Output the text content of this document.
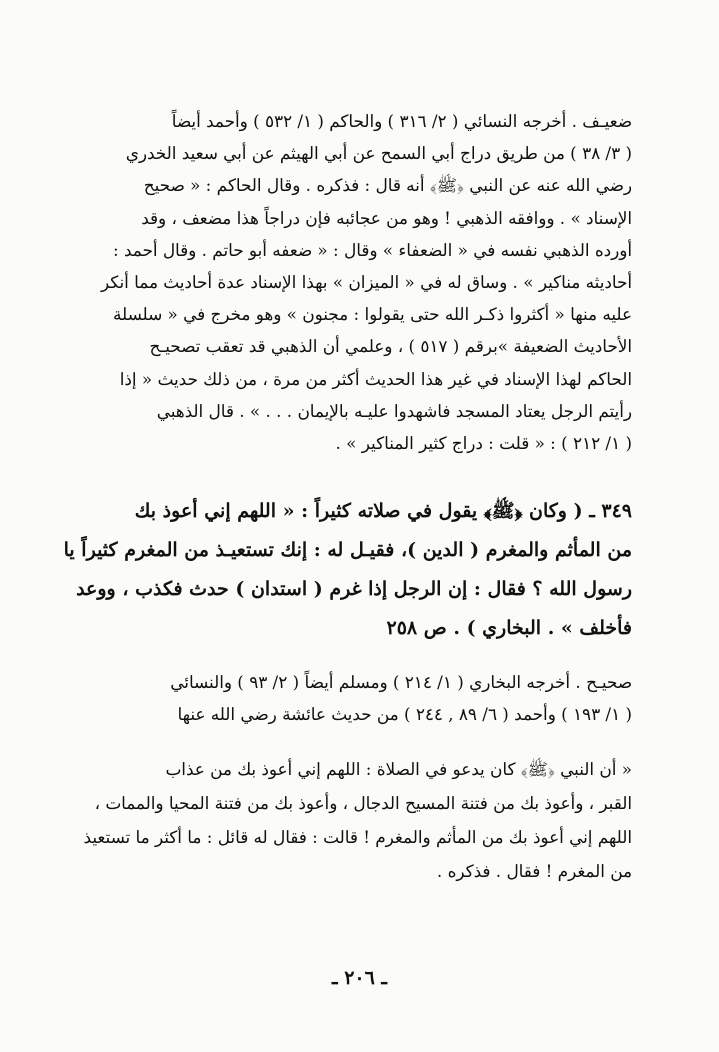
ضعيـف . أخرجه النسائي ( ٢/ ٣١٦ ) والحاكم ( ١/ ٥٣٢ ) وأحمد أيضاً
( ٣/ ٣٨ ) من طريق دراج أبي السمح عن أبي الهيثم عن أبي سعيد الخدري
رضي الله عنه عن النبي ﴿ﷺ﴾ أنه قال : فذكره . وقال الحاكم : « صحيح
الإسناد » . ووافقه الذهبي ! وهو من عجائبه فإن دراجاً هذا مضعف ، وقد
أورده الذهبي نفسه في « الضعفاء » وقال : « ضعفه أبو حاتم . وقال أحمد :
أحاديثه مناكير » . وساق له في « الميزان » بهذا الإسناد عدة أحاديث مما أنكر
عليه منها « أكثروا ذكـر الله حتى يقولوا : مجنون » وهو مخرج في « سلسلة
الأحاديث الضعيفة »برقم ( ٥١٧ ) ، وعلمي أن الذهبي قد تعقب تصحيـح
الحاكم لهذا الإسناد في غير هذا الحديث أكثر من مرة ، من ذلك حديث « إذا
رأيتم الرجل يعتاد المسجد فاشهدوا عليـه بالإيمان . . . » . قال الذهبي
( ١/ ٢١٢ ) : « قلت : دراج كثير المناكير » .
٣٤٩ ـ ( وكان ﴿ﷺ﴾ يقول في صلاته كثيراً : « اللهم إني أعوذ بك
من المأثم والمغرم ( الدين )، فقيـل له : إنك تستعيـذ من المغرم كثيراً يا
رسول الله ؟ فقال : إن الرجل إذا غرم ( استدان ) حدث فكذب ، ووعد
فأخلف » . البخاري ) . ص ٢٥٨
صحيـح . أخرجه البخاري ( ١/ ٢١٤ ) ومسلم أيضاً ( ٢/ ٩٣ ) والنسائي
( ١/ ١٩٣ ) وأحمد ( ٦/ ٨٩ , ٢٤٤ ) من حديث عائشة رضي الله عنها
« أن النبي ﴿ﷺ﴾ كان يدعو في الصلاة : اللهم إني أعوذ بك من عذاب
القبر ، وأعوذ بك من فتنة المسيح الدجال ، وأعوذ بك من فتنة المحيا والممات ،
اللهم إني أعوذ بك من المأثم والمغرم ! قالت : فقال له قائل : ما أكثر ما تستعيذ
من المغرم ! فقال . فذكره .
ـ ٢٠٦ ـ
